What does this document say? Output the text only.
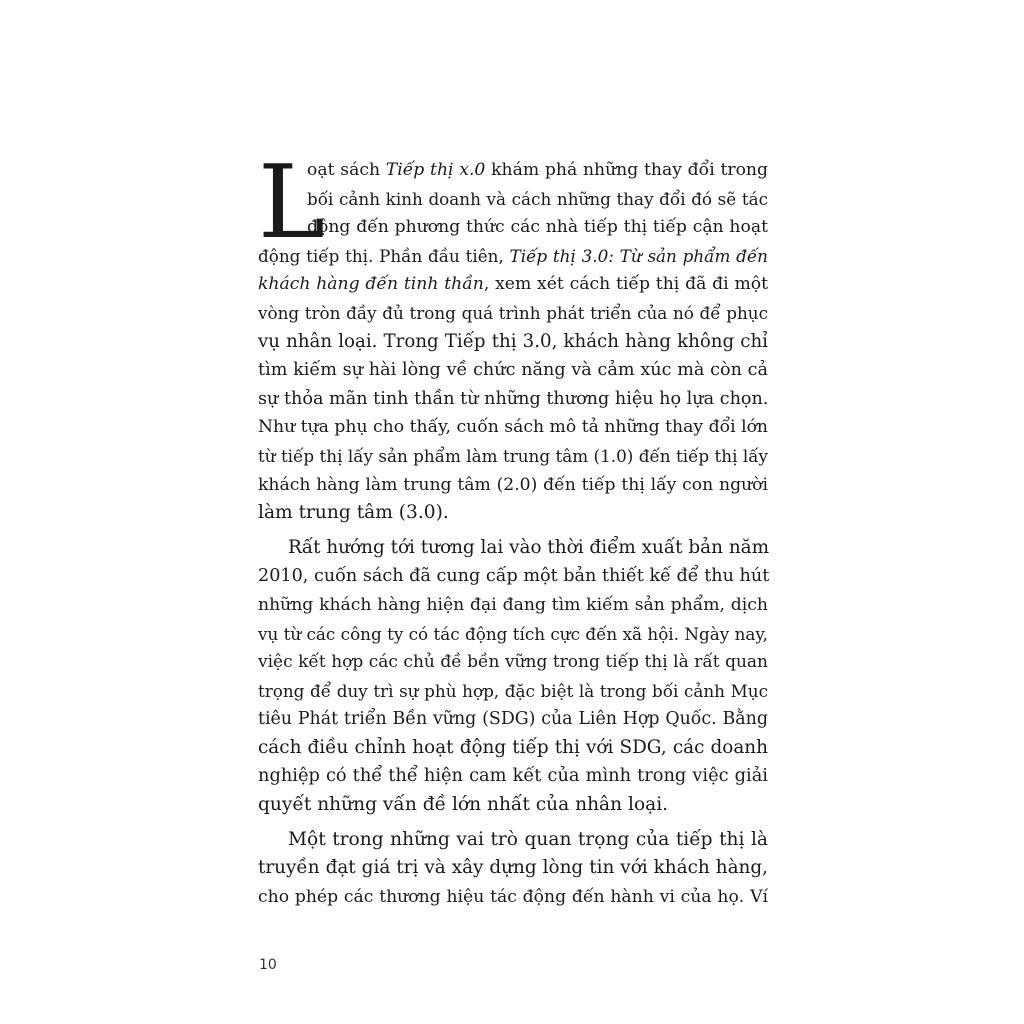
L
oạt sách Tiếp thị x.0 khám phá những thay đổi trong
bối cảnh kinh doanh và cách những thay đổi đó sẽ tác
động đến phương thức các nhà tiếp thị tiếp cận hoạt
động tiếp thị. Phần đầu tiên, Tiếp thị 3.0: Từ sản phẩm đến
khách hàng đến tinh thần, xem xét cách tiếp thị đã đi một
vòng tròn đầy đủ trong quá trình phát triển của nó để phục
vụ nhân loại. Trong Tiếp thị 3.0, khách hàng không chỉ
tìm kiếm sự hài lòng về chức năng và cảm xúc mà còn cả
sự thỏa mãn tinh thần từ những thương hiệu họ lựa chọn.
Như tựa phụ cho thấy, cuốn sách mô tả những thay đổi lớn
từ tiếp thị lấy sản phẩm làm trung tâm (1.0) đến tiếp thị lấy
khách hàng làm trung tâm (2.0) đến tiếp thị lấy con người
làm trung tâm (3.0).
Rất hướng tới tương lai vào thời điểm xuất bản năm
2010, cuốn sách đã cung cấp một bản thiết kế để thu hút
những khách hàng hiện đại đang tìm kiếm sản phẩm, dịch
vụ từ các công ty có tác động tích cực đến xã hội. Ngày nay,
việc kết hợp các chủ đề bền vững trong tiếp thị là rất quan
trọng để duy trì sự phù hợp, đặc biệt là trong bối cảnh Mục
tiêu Phát triển Bền vững (SDG) của Liên Hợp Quốc. Bằng
cách điều chỉnh hoạt động tiếp thị với SDG, các doanh
nghiệp có thể thể hiện cam kết của mình trong việc giải
quyết những vấn đề lớn nhất của nhân loại.
Một trong những vai trò quan trọng của tiếp thị là
truyền đạt giá trị và xây dựng lòng tin với khách hàng,
cho phép các thương hiệu tác động đến hành vi của họ. Ví
10
